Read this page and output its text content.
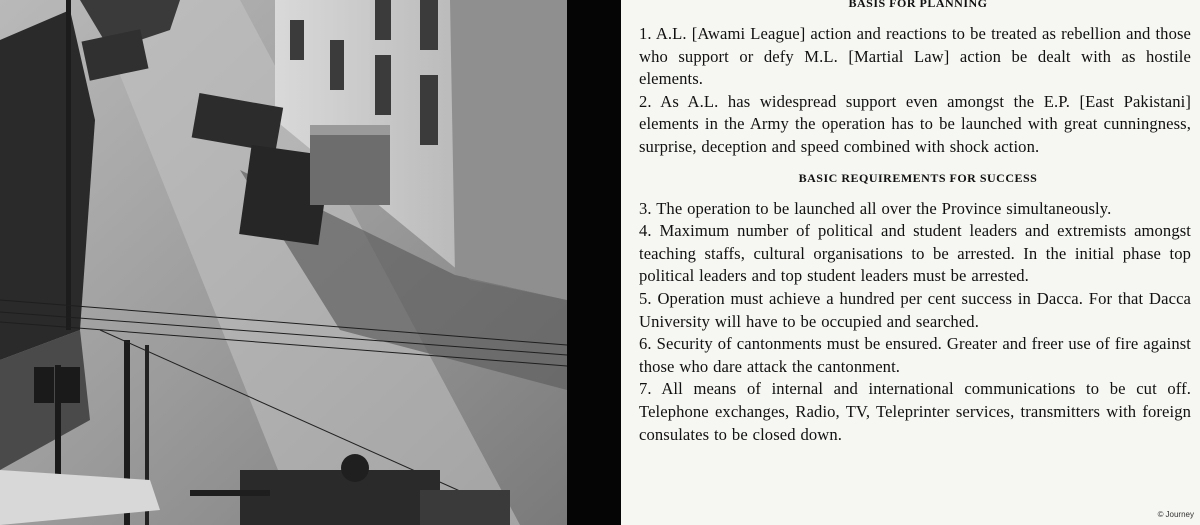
BASIS FOR PLANNING

1. A.L. [Awami League] action and reactions to be treated as rebellion and those who support or defy M.L. [Martial Law] action be dealt with as hostile elements.

2. As A.L. has widespread support even amongst the E.P. [East Pakistani] elements in the Army the operation has to be launched with great cunningness, surprise, deception and speed combined with shock action.

BASIC REQUIREMENTS FOR SUCCESS

3. The operation to be launched all over the Province simultaneously.

4. Maximum number of political and student leaders and extremists amongst teaching staffs, cultural organisations to be arrested. In the initial phase top political leaders and top student leaders must be arrested.

5. Operation must achieve a hundred per cent success in Dacca. For that Dacca University will have to be occupied and searched.

6. Security of cantonments must be ensured. Greater and freer use of fire against those who dare attack the cantonment.

7. All means of internal and international communications to be cut off. Telephone exchanges, Radio, TV, Teleprinter services, transmitters with foreign consulates to be closed down.

© Journey
